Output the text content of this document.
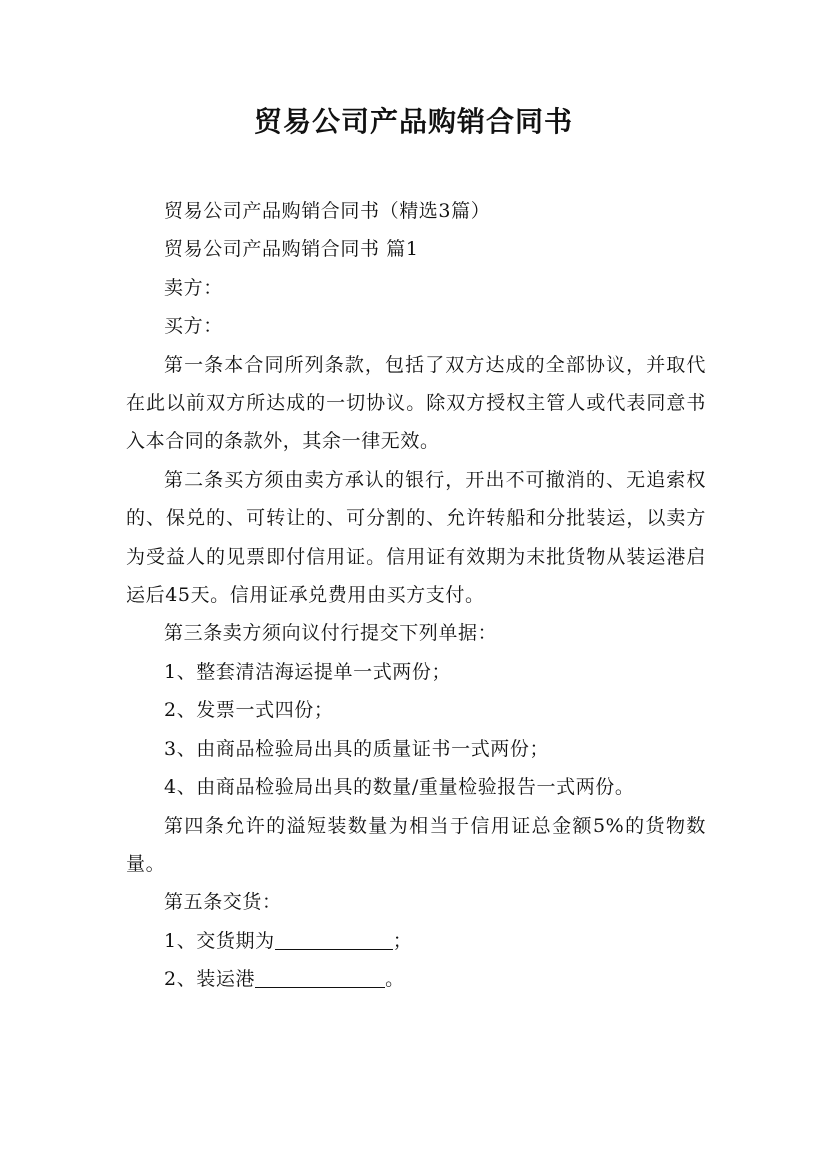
贸易公司产品购销合同书

贸易公司产品购销合同书（精选3篇）

贸易公司产品购销合同书 篇1

卖方：

买方：

第一条本合同所列条款，包括了双方达成的全部协议，并取代在此以前双方所达成的一切协议。除双方授权主管人或代表同意书入本合同的条款外，其余一律无效。

第二条买方须由卖方承认的银行，开出不可撤消的、无追索权的、保兑的、可转让的、可分割的、允许转船和分批装运，以卖方为受益人的见票即付信用证。信用证有效期为末批货物从装运港启运后45天。信用证承兑费用由买方支付。

第三条卖方须向议付行提交下列单据：

1、整套清洁海运提单一式两份；

2、发票一式四份；

3、由商品检验局出具的质量证书一式两份；

4、由商品检验局出具的数量/重量检验报告一式两份。

第四条允许的溢短装数量为相当于信用证总金额5%的货物数量。

第五条交货：

1、交货期为	；

2、装运港	。
